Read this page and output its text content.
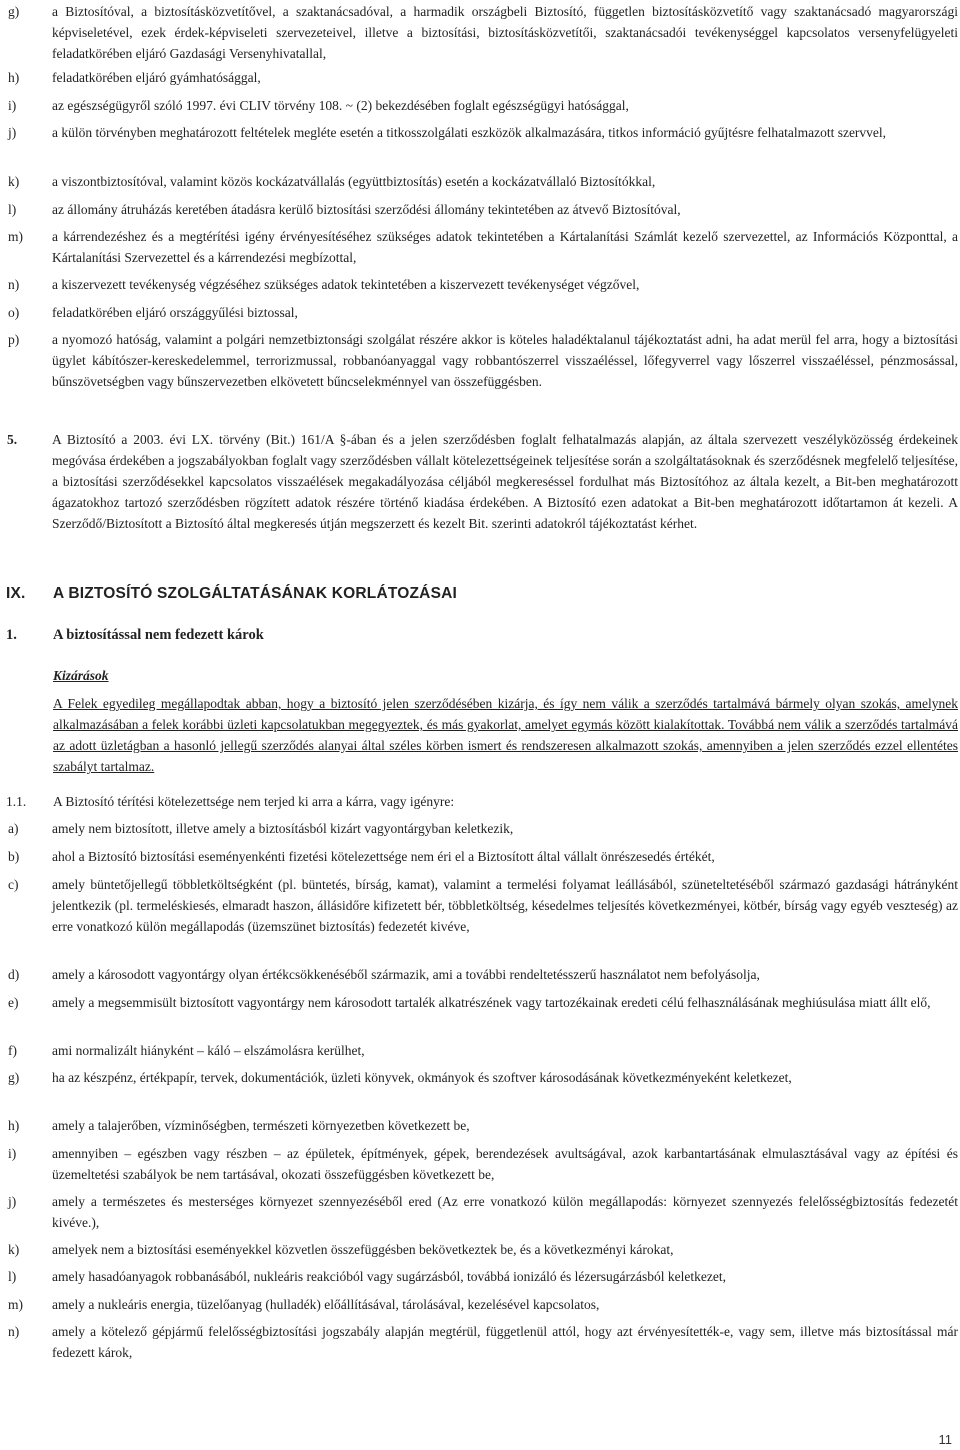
g) a Biztosítóval, a biztosításközvetítővel, a szaktanácsadóval, a harmadik országbeli Biztosító, független biztosításközvetítő vagy szaktanácsadó magyarországi képviseletével, ezek érdek-képviseleti szervezeteivel, illetve a biztosítási, biztosításközvetítői, szaktanácsadói tevékenységgel kapcsolatos versenyfelügyeleti feladatkörében eljáró Gazdasági Versenyhivatallal,
h) feladatkörében eljáró gyámhatósággal,
i)	az egészségügyről szóló 1997. évi CLIV törvény 108. ~ (2) bekezdésében foglalt egészségügyi hatósággal,
j)	a külön törvényben meghatározott feltételek megléte esetén a titkosszolgálati eszközök alkalmazására, titkos információ gyűjtésre felhatalmazott szervvel,
k) a viszontbiztosítóval, valamint közös kockázatvállalás (együttbiztosítás) esetén a kockázatvállaló Biztosítókkal,
l)	az állomány átruházás keretében átadásra kerülő biztosítási szerződési állomány tekintetében az átvevő Biztosítóval,
m) a kárrendezéshez és a megtérítési igény érvényesítéséhez szükséges adatok tekintetében a Kártalanítási Számlát kezelő szervezettel, az Információs Központtal, a Kártalanítási Szervezettel és a kárrendezési megbízottal,
n) a kiszervezett tevékenység végzéséhez szükséges adatok tekintetében a kiszervezett tevékenységet végzővel,
o) feladatkörében eljáró országgyűlési biztossal,
p) a nyomozó hatóság, valamint a polgári nemzetbiztonsági szolgálat részére akkor is köteles haladéktalanul tájékoztatást adni, ha adat merül fel arra, hogy a biztosítási ügylet kábítószer-kereskedelemmel, terrorizmussal, robbanóanyaggal vagy robbantószerrel visszaéléssel, lőfegyverrel vagy lőszerrel visszaéléssel, pénzmosással, bűnszövetségben vagy bűnszervezetben elkövetett bűncselekménnyel van összefüggésben.
5.	A Biztosító a 2003. évi LX. törvény (Bit.) 161/A §-ában és a jelen szerződésben foglalt felhatalmazás alapján, az általa szervezett veszélyközösség érdekeinek megóvása érdekében a jogszabályokban foglalt vagy szerződésben vállalt kötelezettségeinek teljesítése során a szolgáltatásoknak és szerződésnek megfelelő teljesítése, a biztosítási szerződésekkel kapcsolatos visszaélések megakadályozása céljából megkereséssel fordulhat más Biztosítóhoz az általa kezelt, a Bit-ben meghatározott ágazatokhoz tartozó szerződésben rögzített adatok részére történő kiadása érdekében. A Biztosító ezen adatokat a Bit-ben meghatározott időtartamon át kezeli. A Szerződő/Biztosított a Biztosító által megkeresés útján megszerzett és kezelt Bit. szerinti adatokról tájékoztatást kérhet.
IX. A BIZTOSÍTÓ SZOLGÁLTATÁSÁNAK KORLÁTOZÁSAI
1. A biztosítással nem fedezett károk
Kizárások
A Felek egyedileg megállapodtak abban, hogy a biztosító jelen szerződésében kizárja, és így nem válik a szerződés tartalmává bármely olyan szokás, amelynek alkalmazásában a felek korábbi üzleti kapcsolatukban megegyeztek, és más gyakorlat, amelyet egymás között kialakítottak. Továbbá nem válik a szerződés tartalmává az adott üzletágban a hasonló jellegű szerződés alanyai által széles körben ismert és rendszeresen alkalmazott szokás, amennyiben a jelen szerződés ezzel ellentétes szabályt tartalmaz.
1.1. A Biztosító térítési kötelezettsége nem terjed ki arra a kárra, vagy igényre:
a) amely nem biztosított, illetve amely a biztosításból kizárt vagyontárgyban keletkezik,
b) ahol a Biztosító biztosítási eseményenkénti fizetési kötelezettsége nem éri el a Biztosított által vállalt önrészesedés értékét,
c) amely büntetőjellegű többletköltségként (pl. büntetés, bírság, kamat), valamint a termelési folyamat leállásából, szüneteltetéséből származó gazdasági hátrányként jelentkezik (pl. termeléskiesés, elmaradt haszon, állásidőre kifizetett bér, többletköltség, késedelmes teljesítés következményei, kötbér, bírság vagy egyéb veszteség) az erre vonatkozó külön megállapodás (üzemszünet biztosítás) fedezetét kivéve,
d) amely a károsodott vagyontárgy olyan értékcsökkenéséből származik, ami a további rendeltetésszerű használatot nem befolyásolja,
e) amely a megsemmisült biztosított vagyontárgy nem károsodott tartalék alkatrészének vagy tartozékainak eredeti célú felhasználásának meghiúsulása miatt állt elő,
f)	ami normalizált hiányként – káló – elszámolásra kerülhet,
g) ha az készpénz, értékpapír, tervek, dokumentációk, üzleti könyvek, okmányok és szoftver károsodásának következményeként keletkezet,
h) amely a talajerőben, vízminőségben, természeti környezetben következett be,
i)	amennyiben – egészben vagy részben – az épületek, építmények, gépek, berendezések avultságával, azok karbantartásának elmulasztásával vagy az építési és üzemeltetési szabályok be nem tartásával, okozati összefüggésben következett be,
j)	amely a természetes és mesterséges környezet szennyezéséből ered (Az erre vonatkozó külön megállapodás: környezet szennyezés felelősségbiztosítás fedezetét kivéve.),
k) amelyek nem a biztosítási eseményekkel közvetlen összefüggésben bekövetkeztek be, és a következményi károkat,
l)	amely hasadóanyagok robbanásából, nukleáris reakcióból vagy sugárzásból, továbbá ionizáló és lézersugárzásból keletkezet,
m) amely a nukleáris energia, tüzelőanyag (hulladék) előállításával, tárolásával, kezelésével kapcsolatos,
n) amely a kötelező gépjármű felelősségbiztosítási jogszabály alapján megtérül, függetlenül attól, hogy azt érvényesítették-e, vagy sem, illetve más biztosítással már fedezett károk,
11
